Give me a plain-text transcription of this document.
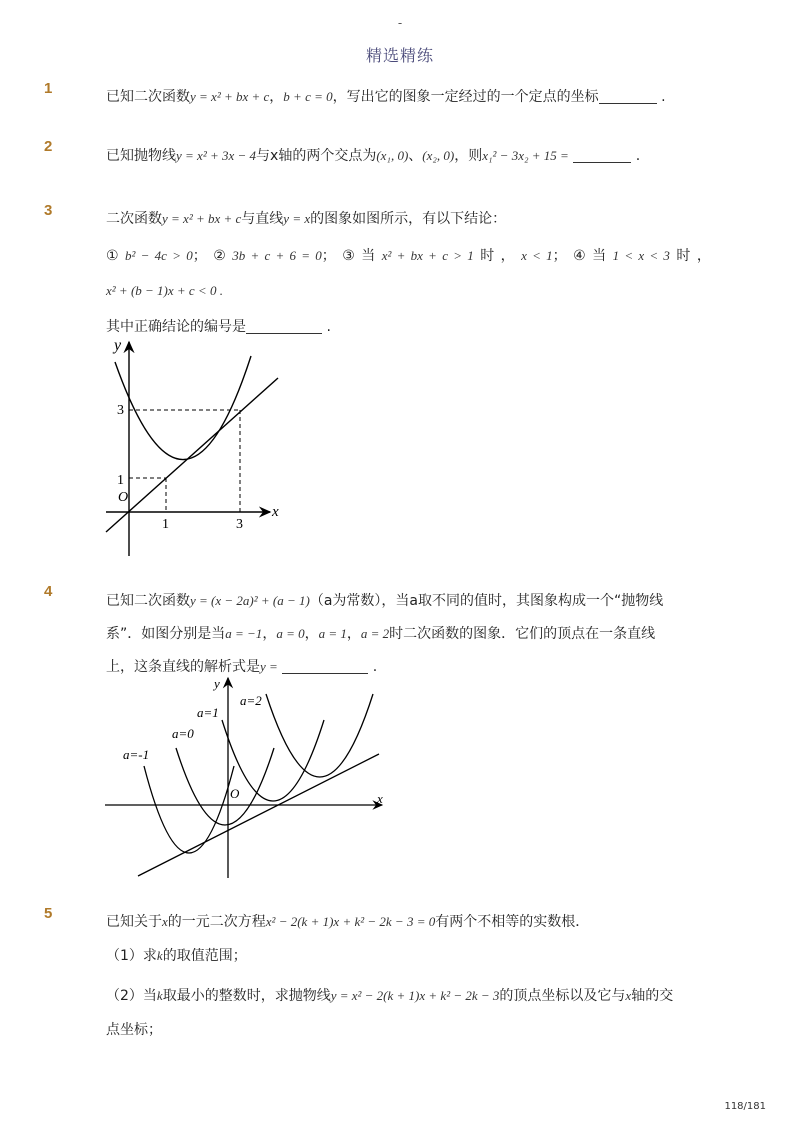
-
精选精练
1	已知二次函数y = x² + bx + c，b + c = 0，写出它的图象一定经过的一个定点的坐标	.
2
已知抛物线y = x² + 3x − 4与x轴的两个交点为(x₁, 0)、(x₂, 0)，则x₁² − 3x₂ + 15 =	.
3	二次函数y = x² + bx + c与直线y = x的图象如图所示，有以下结论：
① b² − 4c > 0； ② 3b + c + 6 = 0； ③ 当 x² + bx + c > 1 时 ， x < 1； ④ 当 1 < x < 3 时 ，
x² + (b − 1)x + c < 0 .
其中正确结论的编号是	.
y
x
3
1
O
1	3
4
已知二次函数y = (x − 2a)² + (a − 1)（a为常数），当a取不同的值时，其图象构成一个“抛物线
系”．如图分别是当a = −1，a = 0，a = 1，a = 2时二次函数的图象．它们的顶点在一条直线
上，这条直线的解析式是y =	.
y
x
O
a=-1
a=0
a=1
a=2
5	已知关于x的一元二次方程x² − 2(k + 1)x + k² − 2k − 3 = 0有两个不相等的实数根．
（1）求k的取值范围；
（2）当k取最小的整数时，求抛物线y = x² − 2(k + 1)x + k² − 2k − 3的顶点坐标以及它与x轴的交
点坐标；
118/181
